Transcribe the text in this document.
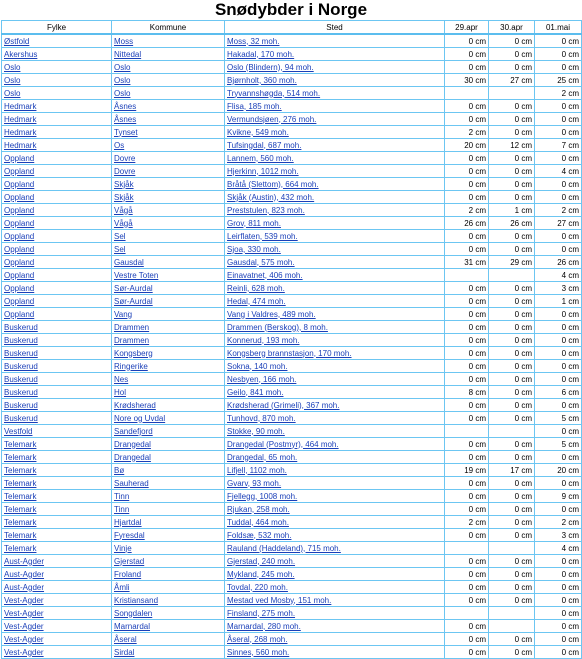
Snødybder i Norge
Fylke	Kommune	Sted	29.apr	30.apr	01.mai
Østfold	Moss	Moss, 32 moh.	0 cm	0 cm	0 cm
Akershus	Nittedal	Hakadal, 170 moh.	0 cm	0 cm	0 cm
Oslo	Oslo	Oslo (Blindern), 94 moh.	0 cm	0 cm	0 cm
Oslo	Oslo	Bjørnholt, 360 moh.	30 cm	27 cm	25 cm
Oslo	Oslo	Tryvannshøgda, 514 moh.			2 cm
Hedmark	Åsnes	Flisa, 185 moh.	0 cm	0 cm	0 cm
Hedmark	Åsnes	Vermundsjøen, 276 moh.	0 cm	0 cm	0 cm
Hedmark	Tynset	Kvikne, 549 moh.	2 cm	0 cm	0 cm
Hedmark	Os	Tufsingdal, 687 moh.	20 cm	12 cm	7 cm
Oppland	Dovre	Lannem, 560 moh.	0 cm	0 cm	0 cm
Oppland	Dovre	Hjerkinn, 1012 moh.	0 cm	0 cm	4 cm
Oppland	Skjåk	Bråtå (Slettom), 664 moh.	0 cm	0 cm	0 cm
Oppland	Skjåk	Skjåk (Austin), 432 moh.	0 cm	0 cm	0 cm
Oppland	Vågå	Preststulen, 823 moh.	2 cm	1 cm	2 cm
Oppland	Vågå	Grov, 811 moh.	26 cm	26 cm	27 cm
Oppland	Sel	Leirflaten, 539 moh.	0 cm	0 cm	0 cm
Oppland	Sel	Sjoa, 330 moh.	0 cm	0 cm	0 cm
Oppland	Gausdal	Gausdal, 575 moh.	31 cm	29 cm	26 cm
Oppland	Vestre Toten	Einavatnet, 406 moh.			4 cm
Oppland	Sør-Aurdal	Reinli, 628 moh.	0 cm	0 cm	3 cm
Oppland	Sør-Aurdal	Hedal, 474 moh.	0 cm	0 cm	1 cm
Oppland	Vang	Vang i Valdres, 489 moh.	0 cm	0 cm	0 cm
Buskerud	Drammen	Drammen (Berskog), 8 moh.	0 cm	0 cm	0 cm
Buskerud	Drammen	Konnerud, 193 moh.	0 cm	0 cm	0 cm
Buskerud	Kongsberg	Kongsberg brannstasjon, 170 moh.	0 cm	0 cm	0 cm
Buskerud	Ringerike	Sokna, 140 moh.	0 cm	0 cm	0 cm
Buskerud	Nes	Nesbyen, 166 moh.	0 cm	0 cm	0 cm
Buskerud	Hol	Geilo, 841 moh.	8 cm	0 cm	6 cm
Buskerud	Krødsherad	Krødsherad (Grimeli), 367 moh.	0 cm	0 cm	0 cm
Buskerud	Nore og Uvdal	Tunhovd, 870 moh.	0 cm	0 cm	5 cm
Vestfold	Sandefjord	Stokke, 90 moh.			0 cm
Telemark	Drangedal	Drangedal (Postmyr), 464 moh.	0 cm	0 cm	5 cm
Telemark	Drangedal	Drangedal, 65 moh.	0 cm	0 cm	0 cm
Telemark	Bø	Lifjell, 1102 moh.	19 cm	17 cm	20 cm
Telemark	Sauherad	Gvarv, 93 moh.	0 cm	0 cm	0 cm
Telemark	Tinn	Fjellegg, 1008 moh.	0 cm	0 cm	9 cm
Telemark	Tinn	Rjukan, 258 moh.	0 cm	0 cm	0 cm
Telemark	Hjartdal	Tuddal, 464 moh.	2 cm	0 cm	2 cm
Telemark	Fyresdal	Foldsæ, 532 moh.	0 cm	0 cm	3 cm
Telemark	Vinje	Rauland (Haddeland), 715 moh.			4 cm
Aust-Agder	Gjerstad	Gjerstad, 240 moh.	0 cm	0 cm	0 cm
Aust-Agder	Froland	Mykland, 245 moh.	0 cm	0 cm	0 cm
Aust-Agder	Åmli	Tovdal, 220 moh.	0 cm	0 cm	0 cm
Vest-Agder	Kristiansand	Mestad ved Mosby, 151 moh.	0 cm	0 cm	0 cm
Vest-Agder	Songdalen	Finsland, 275 moh.			0 cm
Vest-Agder	Marnardal	Marnardal, 280 moh.	0 cm		0 cm
Vest-Agder	Åseral	Åseral, 268 moh.	0 cm	0 cm	0 cm
Vest-Agder	Sirdal	Sinnes, 560 moh.	0 cm	0 cm	0 cm
